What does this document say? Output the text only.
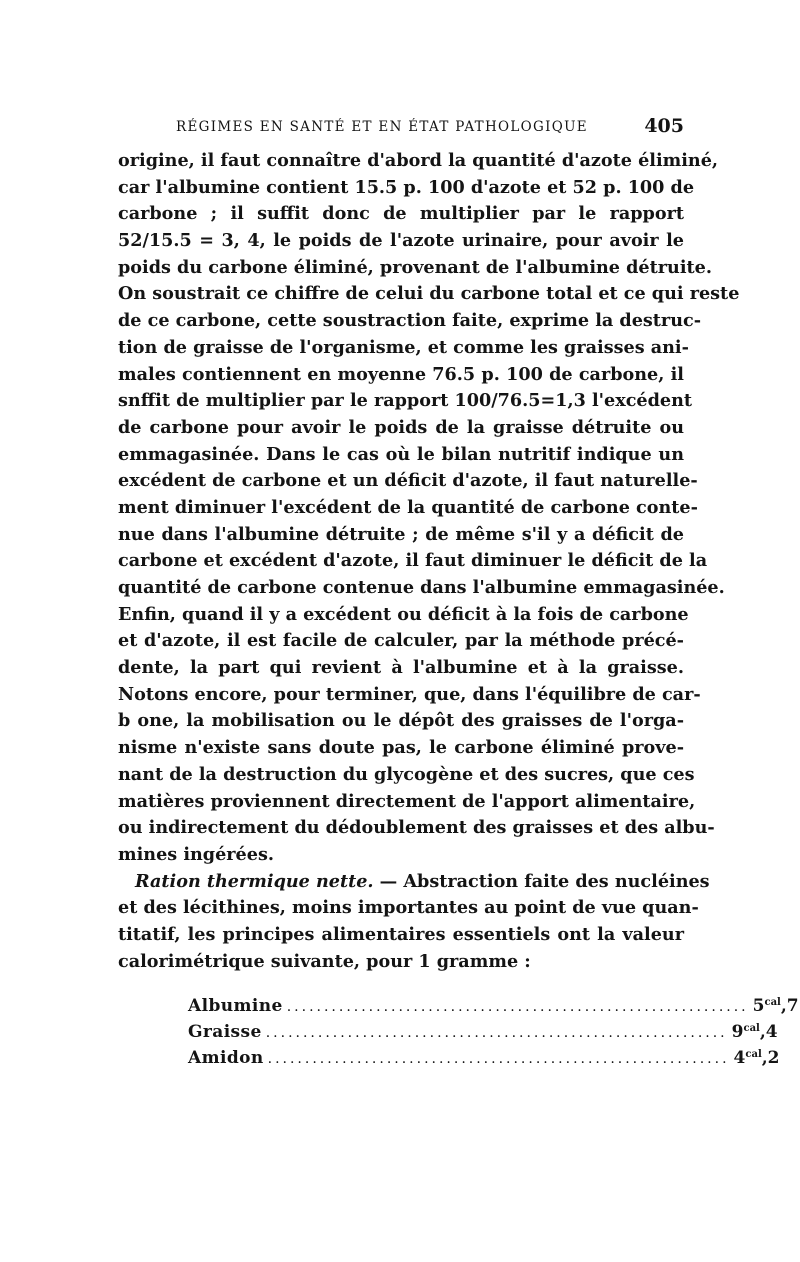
RÉGIMES EN SANTÉ ET EN ÉTAT PATHOLOGIQUE	405
origine, il faut connaître d'abord la quantité d'azote éliminé,
car l'albumine contient 15.5 p. 100 d'azote et 52 p. 100 de
carbone ; il suffit donc de multiplier par le rapport
52/15.5 = 3, 4, le poids de l'azote urinaire, pour avoir le
poids du carbone éliminé, provenant de l'albumine détruite.
On soustrait ce chiffre de celui du carbone total et ce qui reste
de ce carbone, cette soustraction faite, exprime la destruc-
tion de graisse de l'organisme, et comme les graisses ani-
males contiennent en moyenne 76.5 p. 100 de carbone, il
snffit de multiplier par le rapport 100/76.5=1,3 l'excédent
de carbone pour avoir le poids de la graisse détruite ou
emmagasinée. Dans le cas où le bilan nutritif indique un
excédent de carbone et un déficit d'azote, il faut naturelle-
ment diminuer l'excédent de la quantité de carbone conte-
nue dans l'albumine détruite ; de même s'il y a déficit de
carbone et excédent d'azote, il faut diminuer le déficit de la
quantité de carbone contenue dans l'albumine emmagasinée.
Enfin, quand il y a excédent ou déficit à la fois de carbone
et d'azote, il est facile de calculer, par la méthode précé-
dente, la part qui revient à l'albumine et à la graisse.
Notons encore, pour terminer, que, dans l'équilibre de car-
b one, la mobilisation ou le dépôt des graisses de l'orga-
nisme n'existe sans doute pas, le carbone éliminé prove-
nant de la destruction du glycogène et des sucres, que ces
matières proviennent directement de l'apport alimentaire,
ou indirectement du dédoublement des graisses et des albu-
mines ingérées.
Ration thermique nette. — Abstraction faite des nucléines
et des lécithines, moins importantes au point de vue quan-
titatif, les principes alimentaires essentiels ont la valeur
calorimétrique suivante, pour 1 gramme :
Albumine .............................................................. $5^{cal},7$
Graisse .............................................................. $9^{cal},4$
Amidon .............................................................. $4^{cal},2$
